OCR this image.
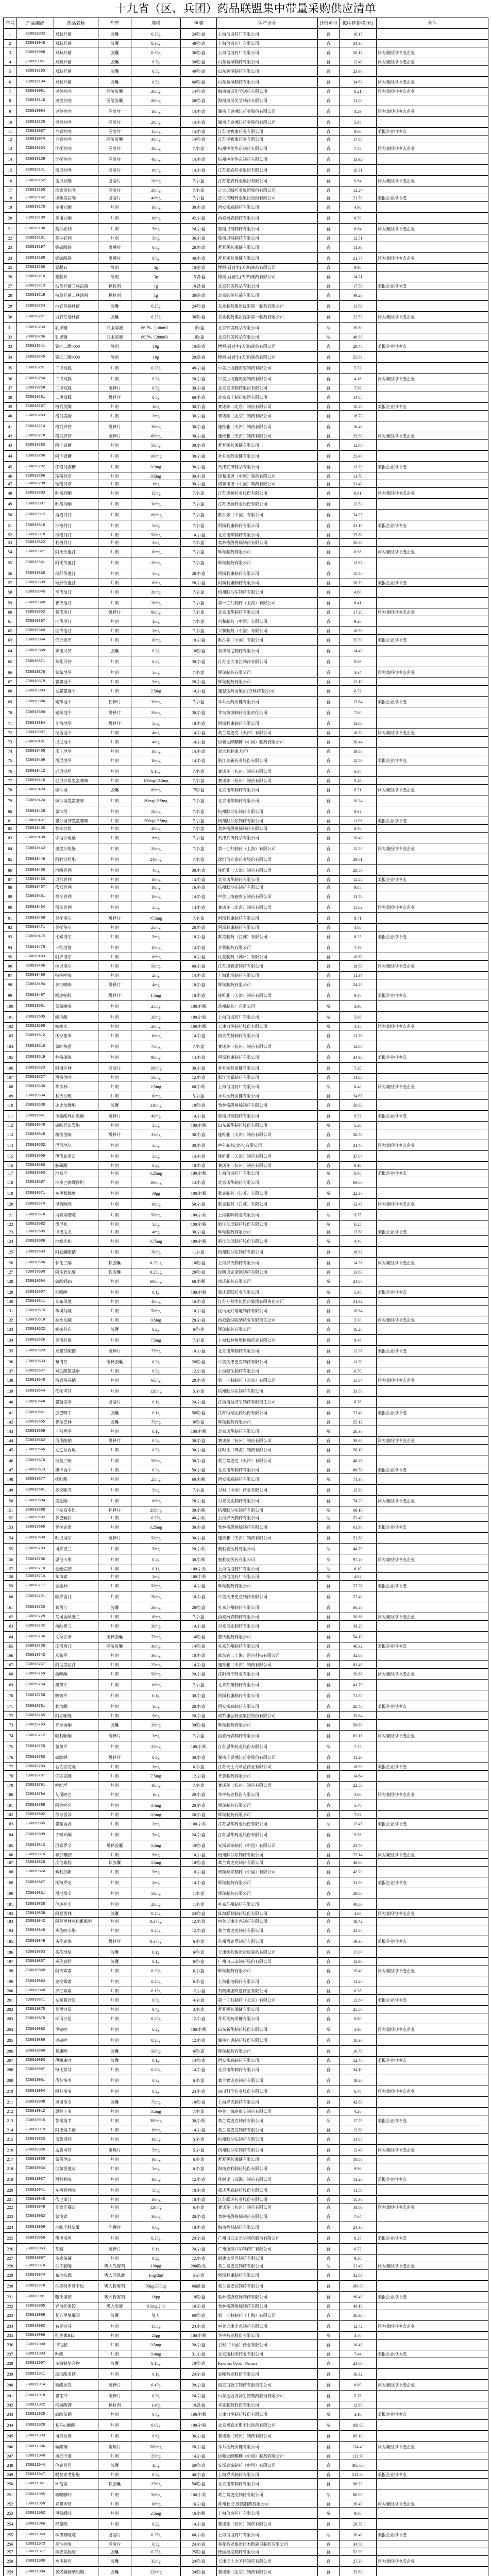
十九省（区、兵团）药品联盟集中带量采购供应清单
序号	产品编码	药品名称	剂型	规格	包装	生产企业	计价单位	拟中选价格(元)	备注
1	ZG8010032	双歧杆菌	胶囊	0.35g	24粒/盒	上海信谊药厂有限公司	盒	18.15	
2	ZG8010045	双歧杆菌	胶囊	0.35g	48粒/盒	上海信谊药厂有限公司	盒	34.38	
3	ZG8010098	双歧杆菌	胶囊	0.35g	36粒/盒	上海信谊药厂有限公司	盒	26.12	同为兼报拟中选企业
4	ZG8010051	双歧杆菌	胶囊	0.5g	20粒/盒	山东润泽制药有限公司	盒	12.40	同为兼报拟中选企业
5	ZG8010103	双歧杆菌	胶囊	0.5g	40粒/盒	山东润泽制药有限公司	盒	23.90	
6	ZG8010104	双歧杆菌	胶囊	0.5g	60粒/盒	山东润泽制药有限公司	盒	34.80	同为兼报拟中选企业
7	ZG8010081	奥美拉唑	肠溶胶囊	20mg	14粒/盒	海南海灵化学制药有限公司	盒	6.21	同为兼报拟中选企业
8	ZG8010110	奥美拉唑	肠溶胶囊	20mg	28粒/盒	海南海灵化学制药有限公司	盒	11.58	
9	ZG8010064	奥美拉唑	肠溶片	10mg	14片/盒	湖南千金湘江药业股份有限公司	盒	3.29	同为兼报拟中选企业
10	ZG8010126	奥美拉唑	肠溶片	20mg	14片/盒	湖南千金湘江药业股份有限公司	盒	5.88	
11	ZG8010067	兰索拉唑	肠溶片	15mg	14片/盒	江苏奥赛康药业有限公司	盒	9.60	兼报企业拟中选
12	ZG8010074	兰索拉唑	肠溶胶囊	30mg	14粒/盒	江苏奥赛康药业有限公司	盒	17.88	
13	ZG8010134	泮托拉唑	肠溶片	40mg	7片/盒	杭州中美华东制药有限公司	盒	7.45	同为兼报拟中选企业
14	ZG8010139	泮托拉唑	肠溶片	40mg	14片/盒	杭州中美华东制药有限公司	盒	13.92	
15	ZG8010141	雷贝拉唑	肠溶片	10mg	14片/盒	江苏豪森药业集团有限公司	盒	10.31	
16	ZG8010152	雷贝拉唑	肠溶片	20mg	7片/盒	江苏豪森药业集团有限公司	盒	9.84	同为兼报拟中选企业
17	ZG8010160	埃索美拉唑	肠溶片	20mg	7片/盒	正大天晴药业集团股份有限公司	盒	12.24	
18	ZG8010162	埃索美拉唑	肠溶片	40mg	7片/盒	正大天晴药业集团股份有限公司	盒	21.70	兼报企业拟中选
19	ZG8010175	多潘立酮	片剂	10mg	30片/盒	西安杨森制药有限公司	盒	4.96	
20	ZG8010180	多潘立酮	片剂	10mg	42片/盒	西安杨森制药有限公司	盒	6.70	
21	ZG8010188	莫沙必利	片剂	5mg	24片/盒	鲁南贝特制药有限公司	盒	8.64	同为兼报拟中选企业
22	ZG8010191	莫沙必利	片剂	5mg	36片/盒	鲁南贝特制药有限公司	盒	12.51	
23	ZG8010197	铝碳酸镁	咀嚼片	0.5g	20片/盒	拜耳医药保健有限公司	盒	11.30	
24	ZG8010198	铝碳酸镁	咀嚼片	0.5g	40片/盒	拜耳医药保健有限公司	盒	21.77	同为兼报拟中选企业
25	ZG8010206	蒙脱石	散剂	3g	10袋/盒	博福-益普生(天津)制药有限公司	盒	9.90	
26	ZG8010210	蒙脱石	散剂	3g	15袋/盒	博福-益普生(天津)制药有限公司	盒	14.21	
27	ZG8010213	枯草杆菌二联活菌	颗粒剂	1g	10袋/盒	北京韩美药品有限公司	盒	17.50	兼报企业拟中选
28	ZG8010219	枯草杆菌二联活菌	颗粒剂	1g	30袋/盒	北京韩美药品有限公司	盒	49.20	
29	ZG8010224	地衣芽孢杆菌	胶囊	0.25g	24粒/盒	东北制药集团沈阳第一制药有限公司	盒	15.60	
30	ZG8010227	地衣芽孢杆菌	胶囊	0.25g	36粒/盒	东北制药集团沈阳第一制药有限公司	盒	22.53	同为兼报拟中选企业
31	ZG8010233	乳果糖	口服溶液	66.7%（100ml）	1瓶/盒	北京韩美药品有限公司	瓶	26.80	
32	ZG8010236	乳果糖	口服溶液	66.7%（200ml）	1瓶/盒	北京韩美药品有限公司	瓶	48.90	
33	ZG8010241	聚乙二醇4000	散剂	10g	10袋/盒	博福-益普生(天津)制药有限公司	盒	29.40	兼报企业拟中选
34	ZG8010245	聚乙二醇4000	散剂	10g	20袋/盒	博福-益普生(天津)制药有限公司	盒	55.60	
35	ZG8010251	二甲双胍	片剂	0.25g	48片/盒	中美上海施贵宝制药有限公司	盒	5.52	
36	ZG8010254	二甲双胍	片剂	0.5g	20片/盒	中美上海施贵宝制药有限公司	盒	4.18	同为兼报拟中选企业
37	ZG8010258	二甲双胍	缓释片	0.5g	30片/盒	北京京丰制药集团有限公司	盒	7.96	
38	ZG8010261	二甲双胍	缓释片	0.5g	60片/盒	北京京丰制药集团有限公司	盒	14.85	
39	ZG8010267	格列美脲	片剂	1mg	30片/盒	赛诺菲（北京）制药有限公司	盒	10.26	兼报企业拟中选
40	ZG8010269	格列美脲	片剂	2mg	30片/盒	赛诺菲（北京）制药有限公司	盒	18.72	
41	ZG8010274	格列齐特	缓释片	30mg	30片/盒	施维雅（天津）制药有限公司	盒	16.40	
42	ZG8010278	格列齐特	缓释片	60mg	30片/盒	施维雅（天津）制药有限公司	盒	29.90	同为兼报拟中选企业
43	ZG8010283	阿卡波糖	片剂	50mg	30片/盒	拜耳医药保健有限公司	盒	12.80	
44	ZG8010286	阿卡波糖	片剂	100mg	30片/盒	拜耳医药保健有限公司	盒	23.40	
45	ZG8010292	伏格列波糖	片剂	0.2mg	30片/盒	天津武田药品有限公司	盒	13.20	兼报企业拟中选
46	ZG8010296	瑞格列奈	片剂	0.5mg	30片/盒	诺和诺德（中国）制药有限公司	盒	11.70	
47	ZG8010298	瑞格列奈	片剂	1mg	30片/盒	诺和诺德（中国）制药有限公司	盒	21.40	
48	ZG8010303	吡格列酮	片剂	15mg	7片/盒	江苏德源药业股份有限公司	盒	6.91	同为兼报拟中选企业
49	ZG8010307	吡格列酮	片剂	30mg	7片/盒	江苏德源药业股份有限公司	盒	12.53	
50	ZG8010312	西格列汀	片剂	100mg	7片/盒	默沙东（中国）有限公司	盒	24.35	
51	ZG8010315	沙格列汀	片剂	5mg	7片/盒	阿斯利康制药有限公司	盒	23.10	兼报企业拟中选
52	ZG8010318	维格列汀	片剂	50mg	14片/盒	北京诺华制药有限公司	盒	27.80	
53	ZG8010322	利格列汀	片剂	5mg	7片/盒	勃林格殷格翰制药有限公司	盒	26.60	
54	ZG8010327	阿托伐他汀	片剂	10mg	7片/盒	辉瑞制药有限公司	盒	6.98	同为兼报拟中选企业
55	ZG8010331	阿托伐他汀	片剂	20mg	7片/盒	辉瑞制药有限公司	盒	12.82	
56	ZG8010336	瑞舒伐他汀	片剂	5mg	28片/盒	阿斯利康制药有限公司	盒	15.40	
57	ZG8010339	瑞舒伐他汀	片剂	10mg	28片/盒	阿斯利康制药有限公司	盒	28.73	兼报企业拟中选
58	ZG8010345	辛伐他汀	片剂	20mg	7片/盒	杭州默沙东制药有限公司	盒	4.60	
59	ZG8010348	普伐他汀	片剂	20mg	7片/盒	第一三共制药（上海）有限公司	盒	8.41	
60	ZG8010352	氟伐他汀	缓释片	80mg	7片/盒	北京诺华制药有限公司	盒	17.30	同为兼报拟中选企业
61	ZG8010357	匹伐他汀	片剂	1mg	7片/盒	兴和制药（中国）有限公司	盒	9.20	
62	ZG8010360	匹伐他汀	片剂	2mg	7片/盒	兴和制药（中国）有限公司	盒	16.90	
63	ZG8010364	依折麦布	片剂	10mg	10片/盒	默沙东（中国）有限公司	盒	35.50	兼报企业拟中选
64	ZG8010368	非诺贝特	胶囊	0.2g	10粒/盒	利博福尼制药有限公司	盒	14.42	
65	ZG8010371	苯扎贝特	片剂	0.2g	30片/盒	江苏正大清江制药有限公司	盒	9.68	
66	ZG8010376	氨氯地平	片剂	5mg	7片/盒	辉瑞制药有限公司	盒	3.34	同为兼报拟中选企业
67	ZG8010379	氨氯地平	片剂	5mg	28片/盒	辉瑞制药有限公司	盒	12.10	
68	ZG8010383	左氨氯地平	片剂	2.5mg	14片/盒	施慧达药业集团(吉林)有限公司	盒	6.72	
69	ZG8010386	硝苯地平	控释片	30mg	7片/盒	拜耳医药保健有限公司	盒	17.64	兼报企业拟中选
70	ZG8010390	硝苯地平	缓释片	20mg	30片/盒	青岛黄海制药有限责任公司	盒	7.80	
71	ZG8010394	非洛地平	缓释片	5mg	10片/盒	阿斯利康制药有限公司	盒	12.60	
72	ZG8010397	拉西地平	片剂	4mg	14片/盒	葛兰素史克（天津）有限公司	盒	18.30	同为兼报拟中选企业
73	ZG8010401	贝尼地平	片剂	4mg	14片/盒	协和发酵麒麟（中国）制药有限公司	盒	20.44	
74	ZG8010405	乐卡地平	片剂	10mg	14片/盒	意大利利康大药厂	盒	19.80	
75	ZG8010409	西尼地平	片剂	10mg	14片/盒	浙江京新药业股份有限公司	盒	12.76	兼报企业拟中选
76	ZG8010412	厄贝沙坦	片剂	0.15g	7片/盒	赛诺菲（杭州）制药有限公司	盒	6.88	
77	ZG8010416	厄贝沙坦氢氯噻嗪	片剂	150mg/12.5mg	7片/盒	赛诺菲（杭州）制药有限公司	盒	9.46	
78	ZG8010420	缬沙坦	胶囊	80mg	7粒/盒	北京诺华制药有限公司	盒	6.51	同为兼报拟中选企业
79	ZG8010424	缬沙坦氢氯噻嗪	片剂	80mg/12.5mg	7片/盒	北京诺华制药有限公司	盒	10.24	
80	ZG8010428	氯沙坦	片剂	50mg	7片/盒	杭州默沙东制药有限公司	盒	8.92	
81	ZG8010431	氯沙坦钾氢氯噻嗪	片剂	50mg/12.5mg	7片/盒	杭州默沙东制药有限公司	盒	11.96	兼报企业拟中选
82	ZG8010435	替米沙坦	片剂	40mg	7片/盒	勃林格殷格翰制药有限公司	盒	8.36	
83	ZG8010438	坎地沙坦酯	片剂	8mg	7片/盒	天津武田药品有限公司	盒	10.42	
84	ZG8010442	奥美沙坦酯	片剂	20mg	7片/盒	第一三共制药（上海）有限公司	盒	12.30	同为兼报拟中选企业
85	ZG8010446	阿利沙坦酯	片剂	240mg	7片/盒	深圳信立泰药业股份有限公司	盒	29.61	
86	ZG8010450	培哚普利	片剂	4mg	30片/盒	施维雅（天津）制药有限公司	盒	28.50	
87	ZG8010453	贝那普利	片剂	10mg	14片/盒	北京诺华制药有限公司	盒	12.24	兼报企业拟中选
88	ZG8010457	依那普利	片剂	10mg	16片/盒	杭州默沙东制药有限公司	盒	9.85	
89	ZG8010461	福辛普利	片剂	10mg	14片/盒	中美上海施贵宝制药有限公司	盒	13.78	
90	ZG8010464	雷米普利	片剂	5mg	14片/盒	赛诺菲（北京）制药有限公司	盒	15.62	同为兼报拟中选企业
91	ZG8010468	美托洛尔	缓释片	47.5mg	7片/盒	阿斯利康制药有限公司	盒	8.71	
92	ZG8010471	美托洛尔	片剂	25mg	20片/盒	阿斯利康制药有限公司	盒	4.08	
93	ZG8010475	比索洛尔	片剂	5mg	10片/盒	默克制药（江苏）有限公司	盒	8.25	兼报企业拟中选
94	ZG8010479	卡维地洛	片剂	10mg	14片/盒	齐鲁制药有限公司	盒	7.39	
95	ZG8010483	阿罗洛尔	片剂	10mg	10片/盒	住友制药（苏州）有限公司	盒	16.80	
96	ZG8010486	拉贝洛尔	片剂	50mg	60片/盒	江苏迪赛诺制药有限公司	盒	18.60	同为兼报拟中选企业
97	ZG8010490	特拉唑嗪	片剂	2mg	14片/盒	上海雅培制药有限公司	盒	11.34	
98	ZG8010494	多沙唑嗪	缓释片	4mg	10片/盒	辉瑞制药有限公司	盒	24.20	
99	ZG8010497	吲达帕胺	缓释片	1.5mg	10片/盒	施维雅（天津）制药有限公司	盒	9.40	兼报企业拟中选
100	ZG8010501	氢氯噻嗪	片剂	25mg	100片/瓶	常州制药厂有限公司	瓶	3.90	
101	ZG8010505	螺内酯	片剂	20mg	100片/瓶	上海信谊药厂有限公司	瓶	5.66	
102	ZG8010508	呋塞米	片剂	20mg	100片/瓶	天津力生制药股份有限公司	瓶	4.35	同为兼报拟中选企业
103	ZG8010512	托拉塞米	片剂	10mg	14片/盒	南京优科制药有限公司	盒	13.76	
104	ZG8010516	氯吡格雷	片剂	75mg	7片/盒	赛诺菲（杭州）制药有限公司	盒	12.88	
105	ZG8010519	替格瑞洛	片剂	90mg	14片/盒	阿斯利康制药有限公司	盒	34.90	兼报企业拟中选
106	ZG8010523	阿司匹林	肠溶片	100mg	30片/盒	拜耳医药保健有限公司	盒	7.20	
107	ZG8010527	西洛他唑	片剂	50mg	12片/盒	浙江大冢制药有限公司	盒	11.88	
108	ZG8010530	华法林	片剂	2.5mg	60片/瓶	上海信谊药厂有限公司	瓶	6.40	同为兼报拟中选企业
109	ZG8010534	利伐沙班	片剂	10mg	5片/盒	拜耳医药保健有限公司	盒	24.65	
110	ZG8010538	达比加群酯	胶囊	110mg	10粒/盒	勃林格殷格翰制药有限公司	盒	58.80	
111	ZG8010541	单硝酸异山梨酯	缓释片	40mg	14片/盒	鲁南贝特制药有限公司	盒	9.52	兼报企业拟中选
112	ZG8010545	硝酸异山梨酯	片剂	5mg	100片/瓶	山东新华制药股份有限公司	瓶	5.20	
113	ZG8010549	曲美他嗪	缓释片	35mg	30片/盒	施维雅（天津）制药有限公司	盒	26.70	
114	ZG8010552	尼可地尔	片剂	5mg	30片/盒	中外制药(北京)有限公司	盒	31.46	同为兼报拟中选企业
115	ZG8010556	伊伐布雷定	片剂	5mg	14片/盒	施维雅（天津）制药有限公司	盒	37.84	
116	ZG8010560	胺碘酮	片剂	0.2g	10片/盒	赛诺菲（杭州）制药有限公司	盒	8.18	
117	ZG8010563	地高辛	片剂	0.25mg	100片/瓶	上海信谊药厂有限公司	瓶	6.80	兼报企业拟中选
118	ZG8010567	沙库巴曲缬沙坦	片剂	100mg	14片/盒	北京诺华制药有限公司	盒	69.00	
119	ZG8010571	左甲状腺素	片剂	50μg	100片/瓶	默克制药（江苏）有限公司	瓶	22.30	
120	ZG8010574	甲巯咪唑	片剂	10mg	50片/盒	默克制药（江苏）有限公司	盒	12.40	同为兼报拟中选企业
121	ZG8010578	丙硫氧嘧啶	片剂	50mg	100片/瓶	上海朝晖药业有限公司	瓶	9.75	
122	ZG8010582	泼尼松	片剂	5mg	100片/瓶	浙江仙琚制药股份有限公司	瓶	6.25	
123	ZG8010585	甲泼尼龙	片剂	4mg	30片/盒	辉瑞制药有限公司	盒	17.60	兼报企业拟中选
124	ZG8010589	地塞米松	片剂	0.75mg	100片/瓶	浙江仙琚制药股份有限公司	瓶	4.40	
125	ZG8010593	阿仑膦酸钠	片剂	70mg	1片/盒	杭州默沙东制药有限公司	盒	18.92	
126	ZG8010596	骨化三醇	软胶囊	0.25μg	10粒/盒	上海罗氏制药有限公司	盒	14.36	同为兼报拟中选企业
127	ZG8010600	阿法骨化醇	软胶囊	0.25μg	20粒/盒	昆明贝克诺顿制药有限公司	盒	13.60	
128	ZG8010604	碳酸钙D3	片剂	600mg	60片/瓶	惠氏制药有限公司	瓶	24.80	
129	ZG8010607	别嘌醇	片剂	0.1g	100片/瓶	重庆青阳药业有限公司	瓶	5.96	兼报企业拟中选
130	ZG8010611	非布司他	片剂	40mg	16片/盒	江苏万邦生化医药集团有限责任公司	盒	21.92	
131	ZG8010615	苯溴马隆	片剂	50mg	10片/盒	昆山龙灯瑞迪制药有限公司	盒	10.84	
132	ZG8010618	秋水仙碱	片剂	0.5mg	20片/盒	西双版纳版纳药业有限责任公司	盒	5.30	同为兼报拟中选企业
133	ZG8010622	塞来昔布	胶囊	0.2g	6粒/盒	辉瑞制药有限公司	盒	16.28	
134	ZG8010626	美洛昔康	片剂	7.5mg	7片/盒	上海勃林格殷格翰药业有限公司	盒	9.46	
135	ZG8010629	双氯芬酸钠	缓释片	75mg	10片/盒	北京诺华制药有限公司	盒	12.36	兼报企业拟中选
136	ZG8010633	布洛芬	缓释胶囊	0.3g	20粒/盒	中美天津史克制药有限公司	盒	11.20	
137	ZG8010637	对乙酰氨基酚	片剂	0.5g	12片/盒	上海强生制药有限公司	盒	6.70	
138	ZG8010640	洛索洛芬钠	片剂	60mg	20片/盒	第一三共制药（北京）有限公司	盒	15.84	同为兼报拟中选企业
139	ZG8010644	依托考昔	片剂	120mg	5片/盒	杭州默沙东制药有限公司	盒	33.50	
140	ZG8010648	氨糖美辛	肠溶片	0.1g	24片/盒	江西南昌济生制药有限责任公司	盒	8.76	
141	ZG8010651	加巴喷丁	胶囊	0.1g	50粒/盒	江苏恒瑞医药股份有限公司	盒	22.40	兼报企业拟中选
142	ZG8010655	普瑞巴林	胶囊	75mg	8粒/盒	辉瑞制药有限公司	盒	25.12	
143	ZG8010659	卡马西平	片剂	0.1g	100片/瓶	北京诺华制药有限公司	瓶	26.30	
144	ZG8010662	丙戊酸钠	缓释片	0.5g	30片/盒	赛诺菲（杭州）制药有限公司	盒	39.80	同为兼报拟中选企业
145	ZG8010666	左乙拉西坦	片剂	0.5g	30片/盒	优时比（珠海）制药有限公司	盒	56.10	
146	ZG8010670	拉莫三嗪	片剂	50mg	30片/盒	葛兰素史克（天津）有限公司	盒	48.26	
147	ZG8010673	奥卡西平	片剂	0.3g	50片/盒	北京诺华制药有限公司	盒	88.50	兼报企业拟中选
148	ZG8010677	托吡酯	片剂	25mg	60片/瓶	西安杨森制药有限公司	瓶	71.30	
149	ZG8010681	多奈哌齐	片剂	5mg	7片/盒	卫材（中国）药业有限公司	盒	15.90	
150	ZG8010684	美金刚	片剂	10mg	28片/盒	丹麦灵北制药有限公司	盒	74.20	同为兼报拟中选企业
151	ZG8010688	卡左双多巴	控释片	250mg	30片/瓶	杭州默沙东制药有限公司	瓶	68.10	
152	ZG8010692	多巴丝肼	片剂	0.25g	40片/瓶	上海罗氏制药有限公司	瓶	53.40	
153	ZG8010695	普拉克索	片剂	0.25mg	30片/盒	勃林格殷格翰制药有限公司	盒	61.90	兼报企业拟中选
154	ZG8010699	吡贝地尔	缓释片	50mg	30片/盒	施维雅（天津）制药有限公司	盒	52.60	
155	ZG8010703	司来吉兰	片剂	5mg	20片/瓶	奥利安医药有限公司	瓶	44.70	
156	ZG8010706	恩他卡朋	片剂	0.2g	30片/瓶	奥利安医药有限公司	瓶	97.20	同为兼报拟中选企业
157	ZG8010710	金刚烷胺	片剂	0.1g	100片/瓶	上海信谊药厂有限公司	瓶	8.10	
158	ZG8010714	苯海索	片剂	2mg	100片/瓶	上海信谊药厂有限公司	瓶	4.82	
159	ZG8010717	舍曲林	片剂	50mg	14片/盒	辉瑞制药有限公司	盒	37.38	兼报企业拟中选
160	ZG8010721	帕罗西汀	片剂	20mg	10片/盒	中美天津史克制药有限公司	盒	27.40	
161	ZG8010725	氟西汀	胶囊	20mg	28粒/盒	礼来苏州制药有限公司	盒	66.20	
162	ZG8010728	艾司西酞普兰	片剂	10mg	7片/盒	西安杨森制药有限公司	盒	30.66	同为兼报拟中选企业
163	ZG8010732	西酞普兰	片剂	20mg	14片/盒	丹麦灵北制药有限公司	盒	39.20	
164	ZG8010736	文拉法辛	缓释胶囊	75mg	14粒/盒	惠氏制药有限公司	盒	54.10	
165	ZG8010739	度洛西汀	肠溶胶囊	30mg	14粒/盒	礼来苏州制药有限公司	盒	46.32	兼报企业拟中选
166	ZG8010743	米氮平	片剂	30mg	10片/盒	欧加农（上海）医药科技有限公司	盒	42.60	
167	ZG8010747	阿戈美拉汀	片剂	25mg	14片/盒	施维雅（天津）制药有限公司	盒	81.40	
168	ZG8010750	曲唑酮	片剂	50mg	20片/盒	沈阳福宁药业有限公司	盒	20.88	同为兼报拟中选企业
169	ZG8010754	奥氮平	片剂	10mg	7片/盒	礼来苏州制药有限公司	盒	41.79	
170	ZG8010758	喹硫平	片剂	0.1g	30片/盒	阿斯利康制药有限公司	盒	72.30	
171	ZG8010761	利培酮	片剂	1mg	20片/盒	西安杨森制药有限公司	盒	26.40	兼报企业拟中选
172	ZG8010765	阿立哌唑	片剂	5mg	20片/盒	成都康弘药业集团股份有限公司	盒	35.64	
173	ZG8010769	齐拉西酮	胶囊	20mg	30粒/盒	辉瑞制药有限公司	盒	58.80	
174	ZG8010772	帕利哌酮	缓释片	3mg	7片/盒	西安杨森制药有限公司	盒	63.18	同为兼报拟中选企业
175	ZG8010776	氯氮平	片剂	25mg	100片/瓶	江苏恩华药业股份有限公司	瓶	7.35	
176	ZG8010780	碳酸锂	缓释片	0.3g	30片/盒	湖南千金湘江药业股份有限公司	盒	11.20	
177	ZG8010783	右佐匹克隆	片剂	3mg	6片/盒	江苏天士力帝益药业有限公司	盒	18.90	兼报企业拟中选
178	ZG8010787	佐匹克隆	片剂	7.5mg	12片/盒	齐鲁制药有限公司	盒	14.64	
179	ZG8010791	唑吡坦	片剂	10mg	7片/盒	赛诺菲（杭州）制药有限公司	盒	22.50	
180	ZG8010794	艾司唑仑	片剂	1mg	20片/盒	华中药业股份有限公司	盒	3.60	同为兼报拟中选企业
181	ZG8010798	阿普唑仑	片剂	0.4mg	20片/盒	辉瑞制药有限公司	盒	5.40	
182	ZG8010802	劳拉西泮	片剂	0.5mg	20片/盒	辉瑞制药有限公司	盒	7.92	
183	ZG8010805	氯硝西泮	片剂	2mg	100片/瓶	江苏恩华药业股份有限公司	瓶	12.45	兼报企业拟中选
184	ZG8010809	丁螺环酮	片剂	5mg	24片/盒	江苏恩华药业股份有限公司	盒	9.98	
185	ZG8010813	坦索罗辛	缓释胶囊	0.2mg	10粒/盒	安斯泰来制药（中国）有限公司	盒	23.70	
186	ZG8010816	非那雄胺	片剂	5mg	10片/盒	杭州默沙东制药有限公司	盒	27.14	同为兼报拟中选企业
187	ZG8010820	度他雄胺	软胶囊	0.5mg	10粒/盒	葛兰素史克制药有限公司	盒	48.60	
188	ZG8010824	索利那新	片剂	5mg	10片/盒	安斯泰来制药（中国）有限公司	盒	42.20	
189	ZG8010827	托特罗定	片剂	2mg	14片/盒	辉瑞制药有限公司	盒	31.50	兼报企业拟中选
190	ZG8010831	西地那非	片剂	50mg	1片/盒	辉瑞制药有限公司	盒	29.80	
191	ZG8010835	他达拉非	片剂	20mg	1片/盒	礼来苏州制药有限公司	盒	40.60	
192	ZG8010838	阿莫西林	胶囊	0.25g	24粒/盒	珠海联邦制药股份有限公司	盒	4.68	同为兼报拟中选企业
193	ZG8010842	阿莫西林克拉维酸钾	片剂	0.375g	12片/盒	中美天津史克制药有限公司	盒	18.42	
194	ZG8010846	头孢呋辛酯	片剂	0.25g	12片/盒	葛兰素史克制药有限公司	盒	22.80	
195	ZG8010849	头孢克洛	缓释片	0.375g	6片/盒	苏州西克罗制药有限公司	盒	19.30	兼报企业拟中选
196	ZG8010853	头孢地尼	胶囊	0.1g	6粒/盒	天津医药集团津康制药有限公司	盒	17.64	
197	ZG8010857	头孢克肟	胶囊	0.1g	6粒/盒	广州白云山制药股份有限公司	盒	12.90	
198	ZG8010860	阿奇霉素	片剂	0.25g	6片/盒	辉瑞制药有限公司	盒	15.40	同为兼报拟中选企业
199	ZG8010864	克拉霉素	片剂	0.25g	6片/盒	上海雅培制药有限公司	盒	14.20	
200	ZG8010868	罗红霉素	片剂	0.15g	12片/盒	石药集团欧意药业有限公司	盒	6.36	
201	ZG8010871	左氧氟沙星	片剂	0.5g	4片/盒	第一三共制药（北京）有限公司	盒	12.84	兼报企业拟中选
202	ZG8010875	莫西沙星	片剂	0.4g	3片/盒	拜耳医药保健有限公司	盒	25.50	
203	ZG8010879	环丙沙星	片剂	0.25g	12片/盒	拜耳医药保健有限公司	盒	9.80	
204	ZG8010882	甲硝唑	片剂	0.2g	100片/瓶	山东新华制药股份有限公司	瓶	4.90	同为兼报拟中选企业
205	ZG8010886	奥硝唑	片剂	0.25g	12片/盒	湖南九典制药股份有限公司	盒	10.36	
206	ZG8010890	氟康唑	胶囊	50mg	6粒/盒	辉瑞制药有限公司	盒	16.70	
207	ZG8010893	伊曲康唑	胶囊	0.1g	14粒/盒	西安杨森制药有限公司	盒	52.40	兼报企业拟中选
208	ZG8010897	特比萘芬	片剂	0.25g	14片/盒	北京诺华制药有限公司	盒	34.10	
209	ZG8010901	伐昔洛韦	片剂	0.3g	6片/盒	葛兰素史克制药有限公司	盒	19.20	
210	ZG8010904	阿昔洛韦	片剂	0.2g	24片/盒	四川科伦药业股份有限公司	盒	6.48	同为兼报拟中选企业
211	ZG8010908	奥司他韦	胶囊	75mg	10粒/盒	上海罗氏制药有限公司	盒	42.60	
212	ZG8010912	恩替卡韦	片剂	0.5mg	7片/盒	中美上海施贵宝制药有限公司	盒	4.26	
213	ZG8010915	替诺福韦	片剂	300mg	30片/瓶	葛兰素史克制药有限公司	瓶	17.70	兼报企业拟中选
214	ZG8010919	阿德福韦酯	片剂	10mg	14片/盒	葛兰素史克制药有限公司	盒	12.60	
215	ZG8010923	孟鲁司特	片剂	10mg	5片/盒	杭州默沙东制药有限公司	盒	14.85	
216	ZG8010926	孟鲁司特	咀嚼片	5mg	5片/盒	杭州默沙东制药有限公司	盒	12.40	同为兼报拟中选企业
217	ZG8010930	氯雷他定	片剂	10mg	6片/盒	拜耳医药保健有限公司	盒	10.80	
218	ZG8010934	地氯雷他定	片剂	5mg	6片/盒	海南普利制药股份有限公司	盒	9.96	
219	ZG8010937	西替利嗪	片剂	10mg	12片/盒	优时比（珠海）制药有限公司	盒	13.20	兼报企业拟中选
220	ZG8010941	左西替利嗪	片剂	5mg	10片/盒	重庆华森制药股份有限公司	盒	11.50	
221	ZG8010945	依巴斯汀	片剂	10mg	10片/盒	江苏联环药业股份有限公司	盒	15.36	
222	ZG8010948	非索非那定	片剂	120mg	6片/盒	赛诺菲（杭州）制药有限公司	盒	18.60	同为兼报拟中选企业
223	ZG8010952	氨溴索	片剂	30mg	20片/盒	勃林格殷格翰制药有限公司	盒	7.64	
224	ZG8010956	乙酰半胱氨酸	泡腾片	0.6g	10片/盒	海南赞邦制药有限公司	盒	24.30	
225	ZG8010959	羧甲司坦	片剂	0.25g	24片/盒	广州白云山光华制药股份有限公司	盒	8.28	兼报企业拟中选
226	ZG8010963	茶碱	缓释片	0.1g	24片/盒	广州迈特兴华制药厂有限公司	盒	6.72	
227	ZG8010967	多索茶碱	片剂	0.2g	12片/盒	福建太平洋制药有限公司	盒	9.30	
228	ZG8010970	沙丁胺醇	吸入气雾剂	100μg	200揿/瓶	葛兰素史克制药有限公司	瓶	23.40	同为兼报拟中选企业
229	ZG8010974	布地奈德	吸入混悬液	1mg/2ml	5支/盒	阿斯利康制药有限公司	盒	32.60	
230	ZG8010978	沙美特罗替卡松	吸入粉雾剂	50μg/250μg	60泡/盒	葛兰素史克制药有限公司	盒	189.00	
231	ZG8010981	噻托溴铵	吸入粉雾剂	18μg	10粒/盒	勃林格殷格翰制药有限公司	盒	96.40	兼报企业拟中选
232	ZG8010985	异丙托溴铵	吸入溶液	0.5mg/2ml	10支/盒	勃林格殷格翰制药有限公司	盒	44.10	
233	ZG8010989	复方甲氧那明	胶囊	复方	60粒/盒	第一三共制药（上海）有限公司	盒	36.90	
234	ZG8010992	右美沙芬	片剂	15mg	24片/盒	中美天津史克制药有限公司	盒	12.72	同为兼报拟中选企业
235	ZG8010996	维生素B12	片剂	25μg	100片/瓶	华中药业股份有限公司	瓶	3.50	
236	ZG8011000	甲钴胺	片剂	0.5mg	20片/盒	卫材（中国）药业有限公司	盒	16.40	
237	ZG8011003	叶酸	片剂	0.4mg	31片/盒	北京斯利安药业有限公司	盒	7.44	兼报企业拟中选
238	ZG8011007	多糖铁复合物	胶囊	0.15g	10粒/盒	Kremers Urban Pharma	盒	23.60	
239	ZG8011011	琥珀酸亚铁	片剂	0.1g	24片/盒	金陵药业股份有限公司	盒	10.32	
240	ZG8011014	硫酸亚铁	缓释片	0.45g	20片/盒	南京白敬宇制药有限责任公司	盒	8.60	同为兼报拟中选企业
241	ZG8011018	氯化钾	缓释片	0.5g	24片/盒	山东达因海洋生物制药股份有限公司	盒	5.76	
242	ZG8011022	枸橼酸钾	颗粒剂	1.46g	10袋/盒	华北制药股份有限公司	盒	12.90	
243	ZG8011025	碳酸氢钠	片剂	0.5g	100片/瓶	天津力生制药股份有限公司	瓶	3.10	兼报企业拟中选
244	ZG8011029	复方α-酮酸	片剂	0.63g	100片/瓶	北京费森尤斯卡比医药有限公司	瓶	168.00	
245	ZG8011033	司维拉姆	片剂	0.8g	36片/盒	赛诺菲（杭州）制药有限公司	盒	89.10	
246	ZG8011036	碳酸镧	咀嚼片	500mg	20片/盒	拜耳医药保健有限公司	盒	124.40	同为兼报拟中选企业
247	ZG8011040	西那卡塞	片剂	25mg	14片/盒	协和发酵麒麟（中国）制药有限公司	盒	112.70	
248	ZG8011044	他克莫司	胶囊	1mg	50粒/盒	安斯泰来制药（中国）有限公司	盒	365.00	
249	ZG8011047	吗替麦考酚酯	片剂	0.5g	40片/盒	上海罗氏制药有限公司	盒	212.80	兼报企业拟中选
250	ZG8011051	环孢素	软胶囊	25mg	50粒/盒	北京诺华制药有限公司	盒	96.20	
251	ZG8011055	硫唑嘌呤	片剂	50mg	100片/瓶	葛兰素史克制药有限公司	瓶	88.00	
252	ZG8011058	来氟米特	片剂	10mg	16片/盒	苏州长征-欣凯制药有限公司	盒	26.40	同为兼报拟中选企业
253	ZG8011062	甲氨蝶呤	片剂	2.5mg	16片/瓶	上海信谊药厂有限公司	瓶	9.60	
254	ZG8011066	羟氯喹	片剂	0.2g	14片/盒	赛诺菲（杭州）制药有限公司	盒	28.70	
255	ZG8011069	柳氮磺吡啶	肠溶片	0.25g	60片/瓶	上海信谊药厂有限公司	瓶	20.40	兼报企业拟中选
256	ZG8011073	美沙拉嗪	肠溶片	0.5g	24片/盒	葵花药业集团佳木斯鹿灵制药有限公司	盒	34.56	
257	ZG8011077	熊去氧胆酸	胶囊	0.25g	25粒/盒	德国福克制药有限公司	盒	52.90	
258	ZG8011080	水飞蓟宾	胶囊	35mg	24粒/盒	天津天士力圣特制药有限公司	盒	27.36	同为兼报拟中选企业
259	ZG8011084	多烯磷脂酰胆碱	胶囊	228mg	24粒/盒	赛诺菲（北京）制药有限公司	盒	35.80	
